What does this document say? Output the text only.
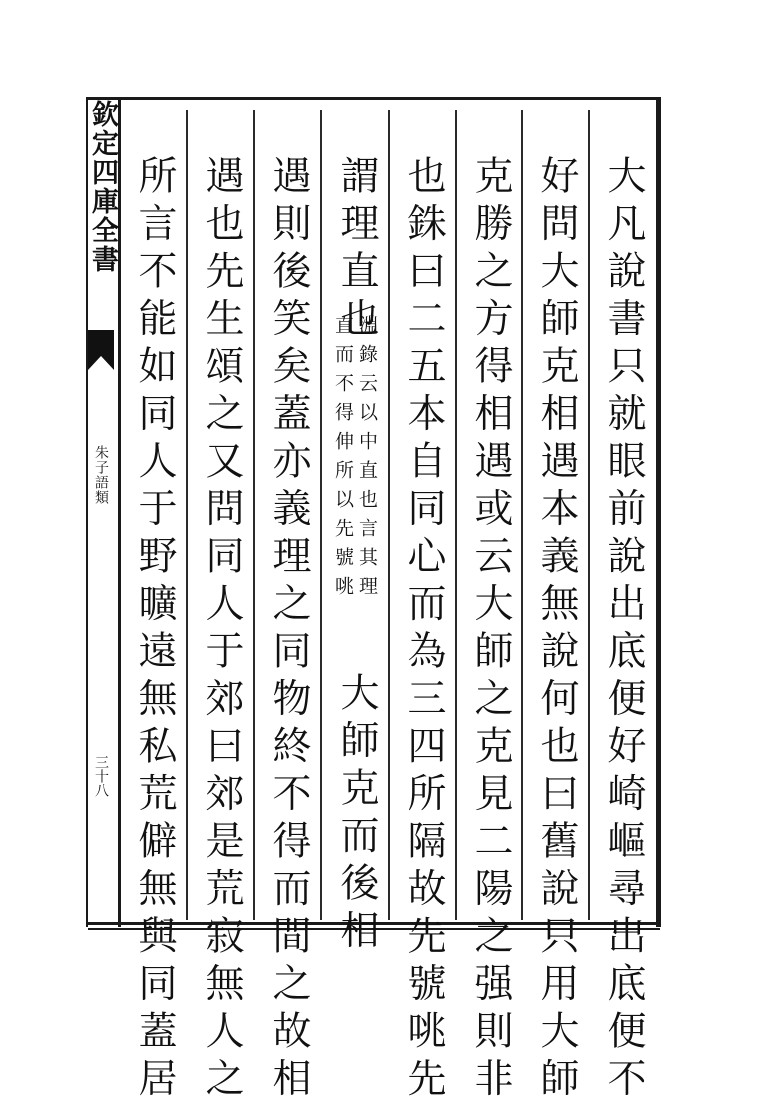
欽定四庫全書
朱子語類
三十八	大凡說書只就眼前說出底便好崎嶇尋出底便不
好問大師克相遇本義無說何也曰舊說只用大師
克勝之方得相遇或云大師之克見二陽之强則非
也銖曰二五本自同心而為三四所隔故先號咷先
謂理直也
淵錄云以中直也言其理
直而不得伸所以先號咷
大師克而後相
遇則後笑矣蓋亦義理之同物終不得而間之故相
遇也先生頌之又問同人于郊曰郊是荒寂無人之
所言不能如同人于野曠遠無私荒僻無與同蓋居
